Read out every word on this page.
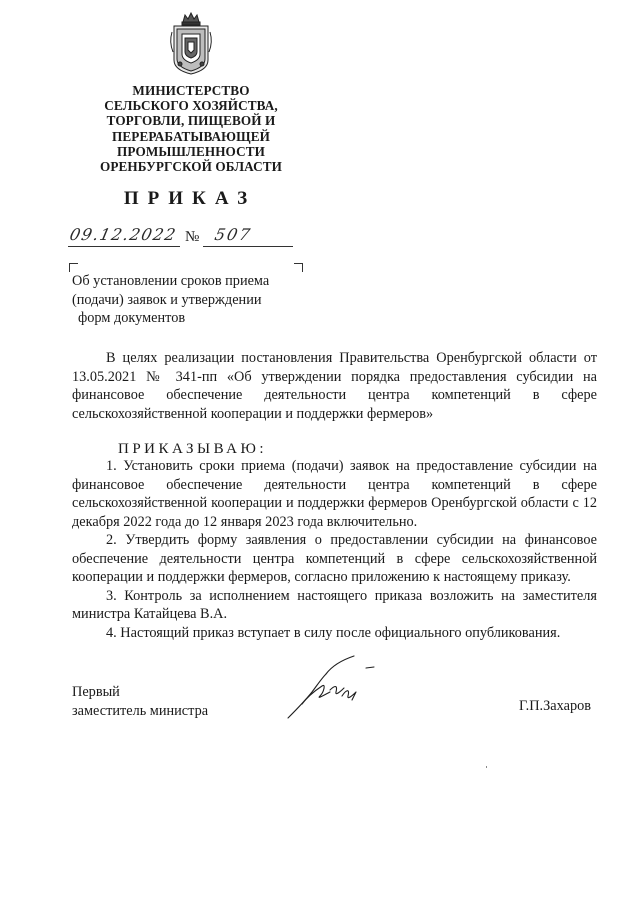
МИНИСТЕРСТВО
СЕЛЬСКОГО ХОЗЯЙСТВА,
ТОРГОВЛИ, ПИЩЕВОЙ И
ПЕРЕРАБАТЫВАЮЩЕЙ
ПРОМЫШЛЕННОСТИ
ОРЕНБУРГСКОЙ ОБЛАСТИ
ПРИКАЗ
09.12.2022 № 507
Об установлении сроков приема
(подачи) заявок и утверждении
форм документов

В целях реализации постановления Правительства Оренбургской области от 13.05.2021 № 341-пп «Об утверждении порядка предоставления субсидии на финансовое обеспечение деятельности центра компетенций в сфере сельскохозяйственной кооперации и поддержки фермеров»

ПРИКАЗЫВАЮ:

1. Установить сроки приема (подачи) заявок на предоставление субсидии на финансовое обеспечение деятельности центра компетенций в сфере сельскохозяйственной кооперации и поддержки фермеров Оренбургской области с 12 декабря 2022 года до 12 января 2023 года включительно.

2. Утвердить форму заявления о предоставлении субсидии на финансовое обеспечение деятельности центра компетенций в сфере сельскохозяйственной кооперации и поддержки фермеров, согласно приложению к настоящему приказу.

3. Контроль за исполнением настоящего приказа возложить на заместителя министра Катайцева В.А.

4. Настоящий приказ вступает в силу после официального опубликования.

Первый
заместитель министра	Г.П.Захаров
